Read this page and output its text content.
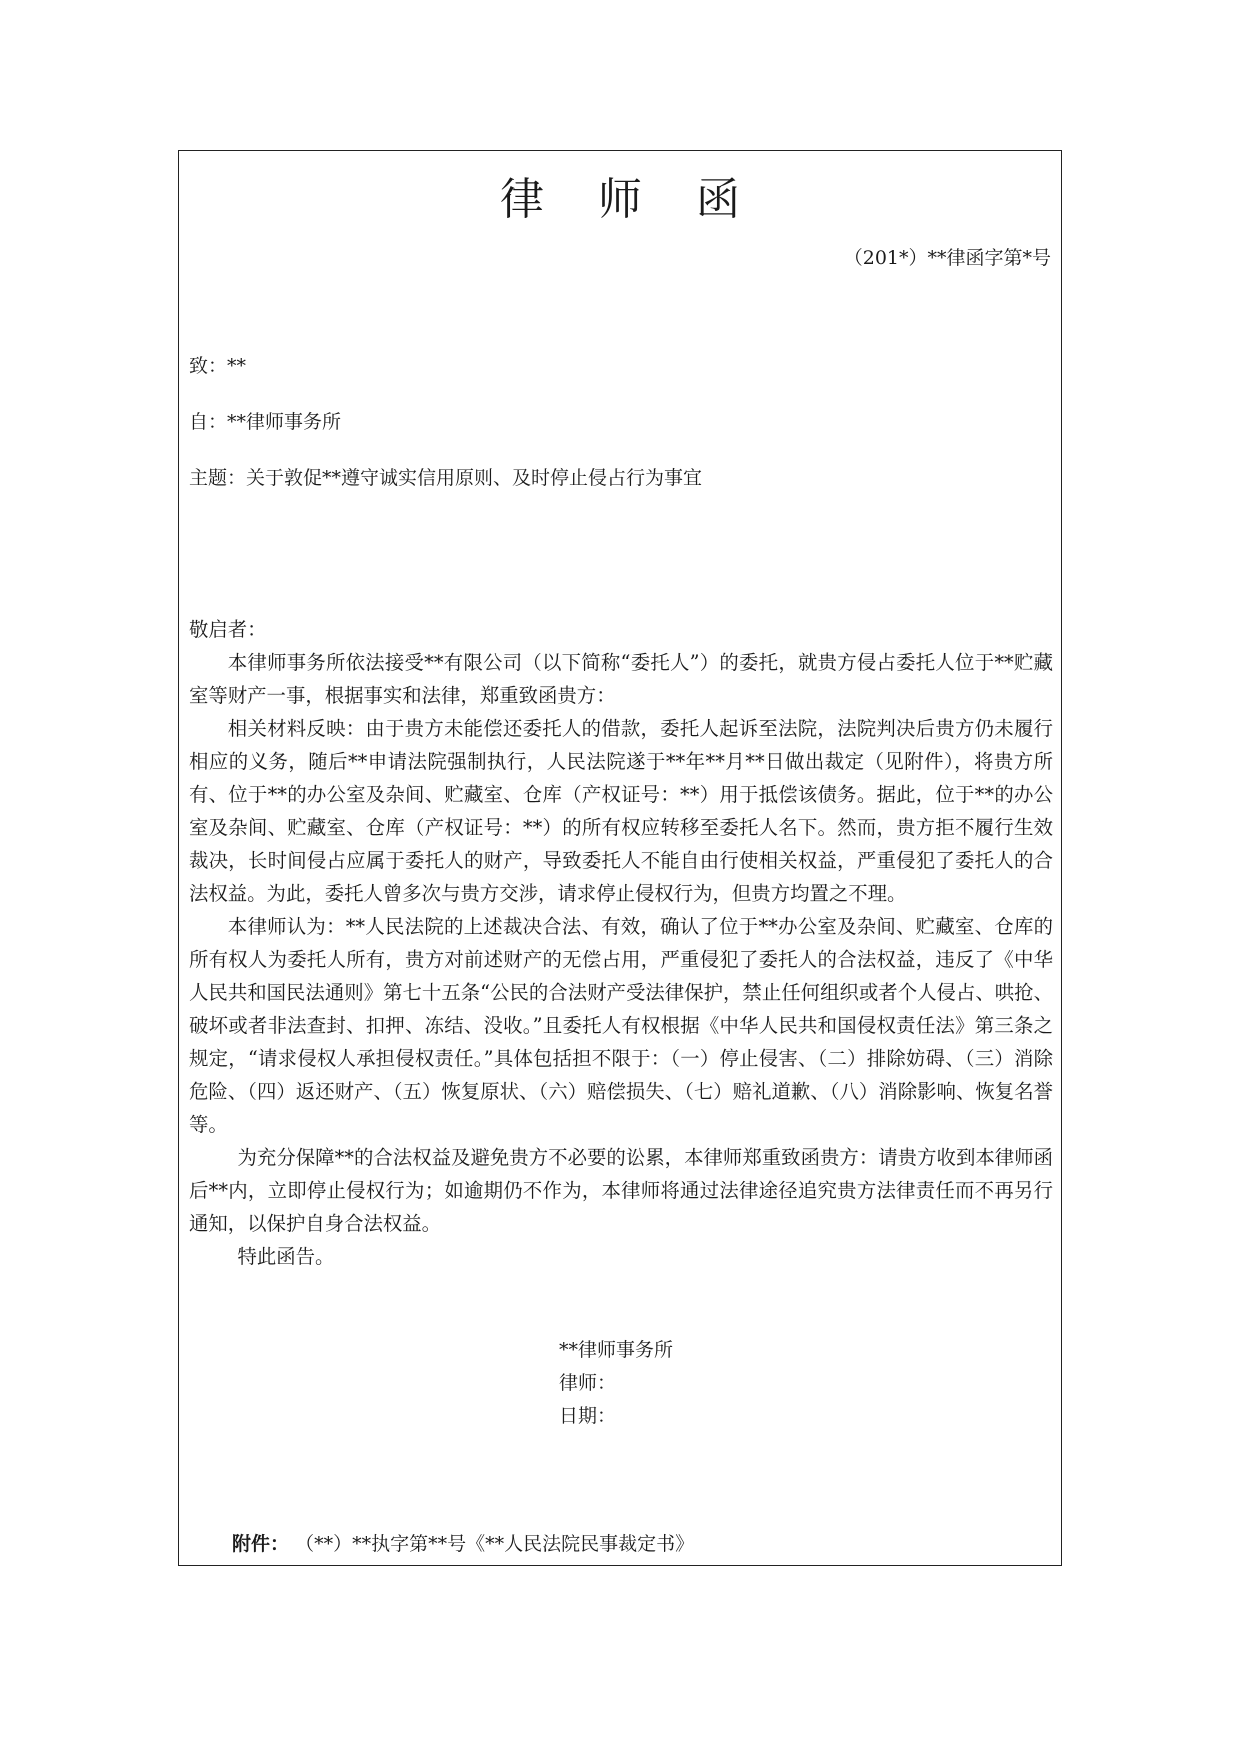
律 师 函
（201*）**律函字第*号
致：**
自：**律师事务所
主题：关于敦促**遵守诚实信用原则、及时停止侵占行为事宜

敬启者：

本律师事务所依法接受**有限公司（以下简称“委托人”）的委托，就贵方侵占委托人位于**贮藏室等财产一事，根据事实和法律，郑重致函贵方：

相关材料反映：由于贵方未能偿还委托人的借款，委托人起诉至法院，法院判决后贵方仍未履行相应的义务，随后**申请法院强制执行，人民法院遂于**年**月**日做出裁定（见附件），将贵方所有、位于**的办公室及杂间、贮藏室、仓库（产权证号：**）用于抵偿该债务。据此，位于**的办公室及杂间、贮藏室、仓库（产权证号：**）的所有权应转移至委托人名下。然而，贵方拒不履行生效裁决，长时间侵占应属于委托人的财产，导致委托人不能自由行使相关权益，严重侵犯了委托人的合法权益。为此，委托人曾多次与贵方交涉，请求停止侵权行为，但贵方均置之不理。

本律师认为：**人民法院的上述裁决合法、有效，确认了位于**办公室及杂间、贮藏室、仓库的所有权人为委托人所有，贵方对前述财产的无偿占用，严重侵犯了委托人的合法权益，违反了《中华人民共和国民法通则》第七十五条“公民的合法财产受法律保护，禁止任何组织或者个人侵占、哄抢、破坏或者非法查封、扣押、冻结、没收。”且委托人有权根据《中华人民共和国侵权责任法》第三条之规定，“请求侵权人承担侵权责任。”具体包括担不限于：（一）停止侵害、（二）排除妨碍、（三）消除危险、（四）返还财产、（五）恢复原状、（六）赔偿损失、（七）赔礼道歉、（八）消除影响、恢复名誉等。

为充分保障**的合法权益及避免贵方不必要的讼累，本律师郑重致函贵方：请贵方收到本律师函后**内，立即停止侵权行为；如逾期仍不作为，本律师将通过法律途径追究贵方法律责任而不再另行通知，以保护自身合法权益。

特此函告。

**律师事务所
律师：
日期：
附件： （**）**执字第**号《**人民法院民事裁定书》
